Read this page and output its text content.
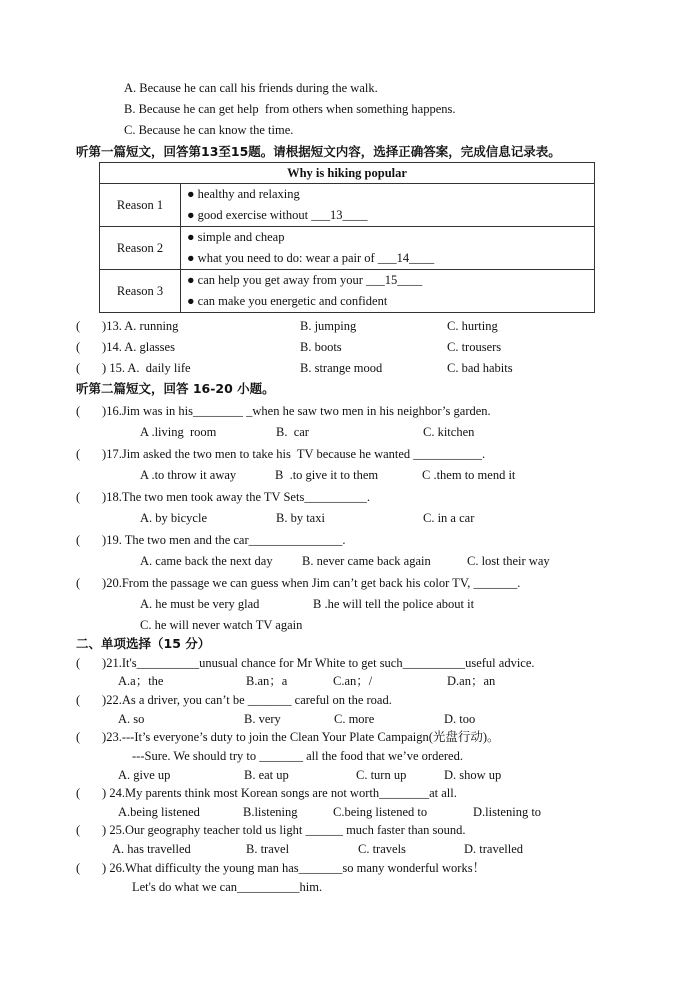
A. Because he can call his friends during the walk.
B. Because he can get help  from others when something happens.
C. Because he can know the time.
听第一篇短文，回答第13至15题。请根据短文内容，选择正确答案，完成信息记录表。
Why is hiking popular	
Reason 1	● healthy and relaxing
● good exercise without ___13____

Reason 2	● simple and cheap
● what you need to do: wear a pair of ___14____

Reason 3	● can help you get away from your ___15____
● can make you energetic and confident
(       )13. A. running	B. jumping	C. hurting
(       )14. A. glasses	B. boots	C. trousers
(       ) 15. A.  daily life	B. strange mood	C. bad habits
听第二篇短文，回答 16-20 小题。
(       )16.Jim was in his________ _when he saw two men in his neighbor’s garden.
A .living  room	B.  car	C. kitchen
(       )17.Jim asked the two men to take his  TV because he wanted ___________.
A .to throw it away	B  .to give it to them	C .them to mend it
(       )18.The two men took away the TV Sets__________.
A. by bicycle	B. by taxi	C. in a car
(       )19. The two men and the car_______________.
A. came back the next day B. never came back again	C. lost their way
(       )20.From the passage we can guess when Jim can’t get back his color TV, _______.
A. he must be very glad	B .he will tell the police about it
C. he will never watch TV again
二、单项选择（15 分）
(       )21.It's__________unusual chance for Mr White to get such__________useful advice.
A.a；the	B.an；a	C.an；/	D.an；an
(       )22.As a driver, you can’t be _______ careful on the road.
A. so	B. very	C. more	D. too
(       )23.---It’s everyone’s duty to join the Clean Your Plate Campaign(光盘行动)。
---Sure. We should try to _______ all the food that we’ve ordered.
A. give up	B. eat up	C. turn up	D. show up
(       ) 24.My parents think most Korean songs are not worth________at all.
A.being listened	B.listening	C.being listened to	D.listening to
(       ) 25.Our geography teacher told us light ______ much faster than sound.
A. has travelled	B. travel	C. travels	D. travelled
(       ) 26.What difficulty the young man has_______so many wonderful works！
Let's do what we can__________him.
